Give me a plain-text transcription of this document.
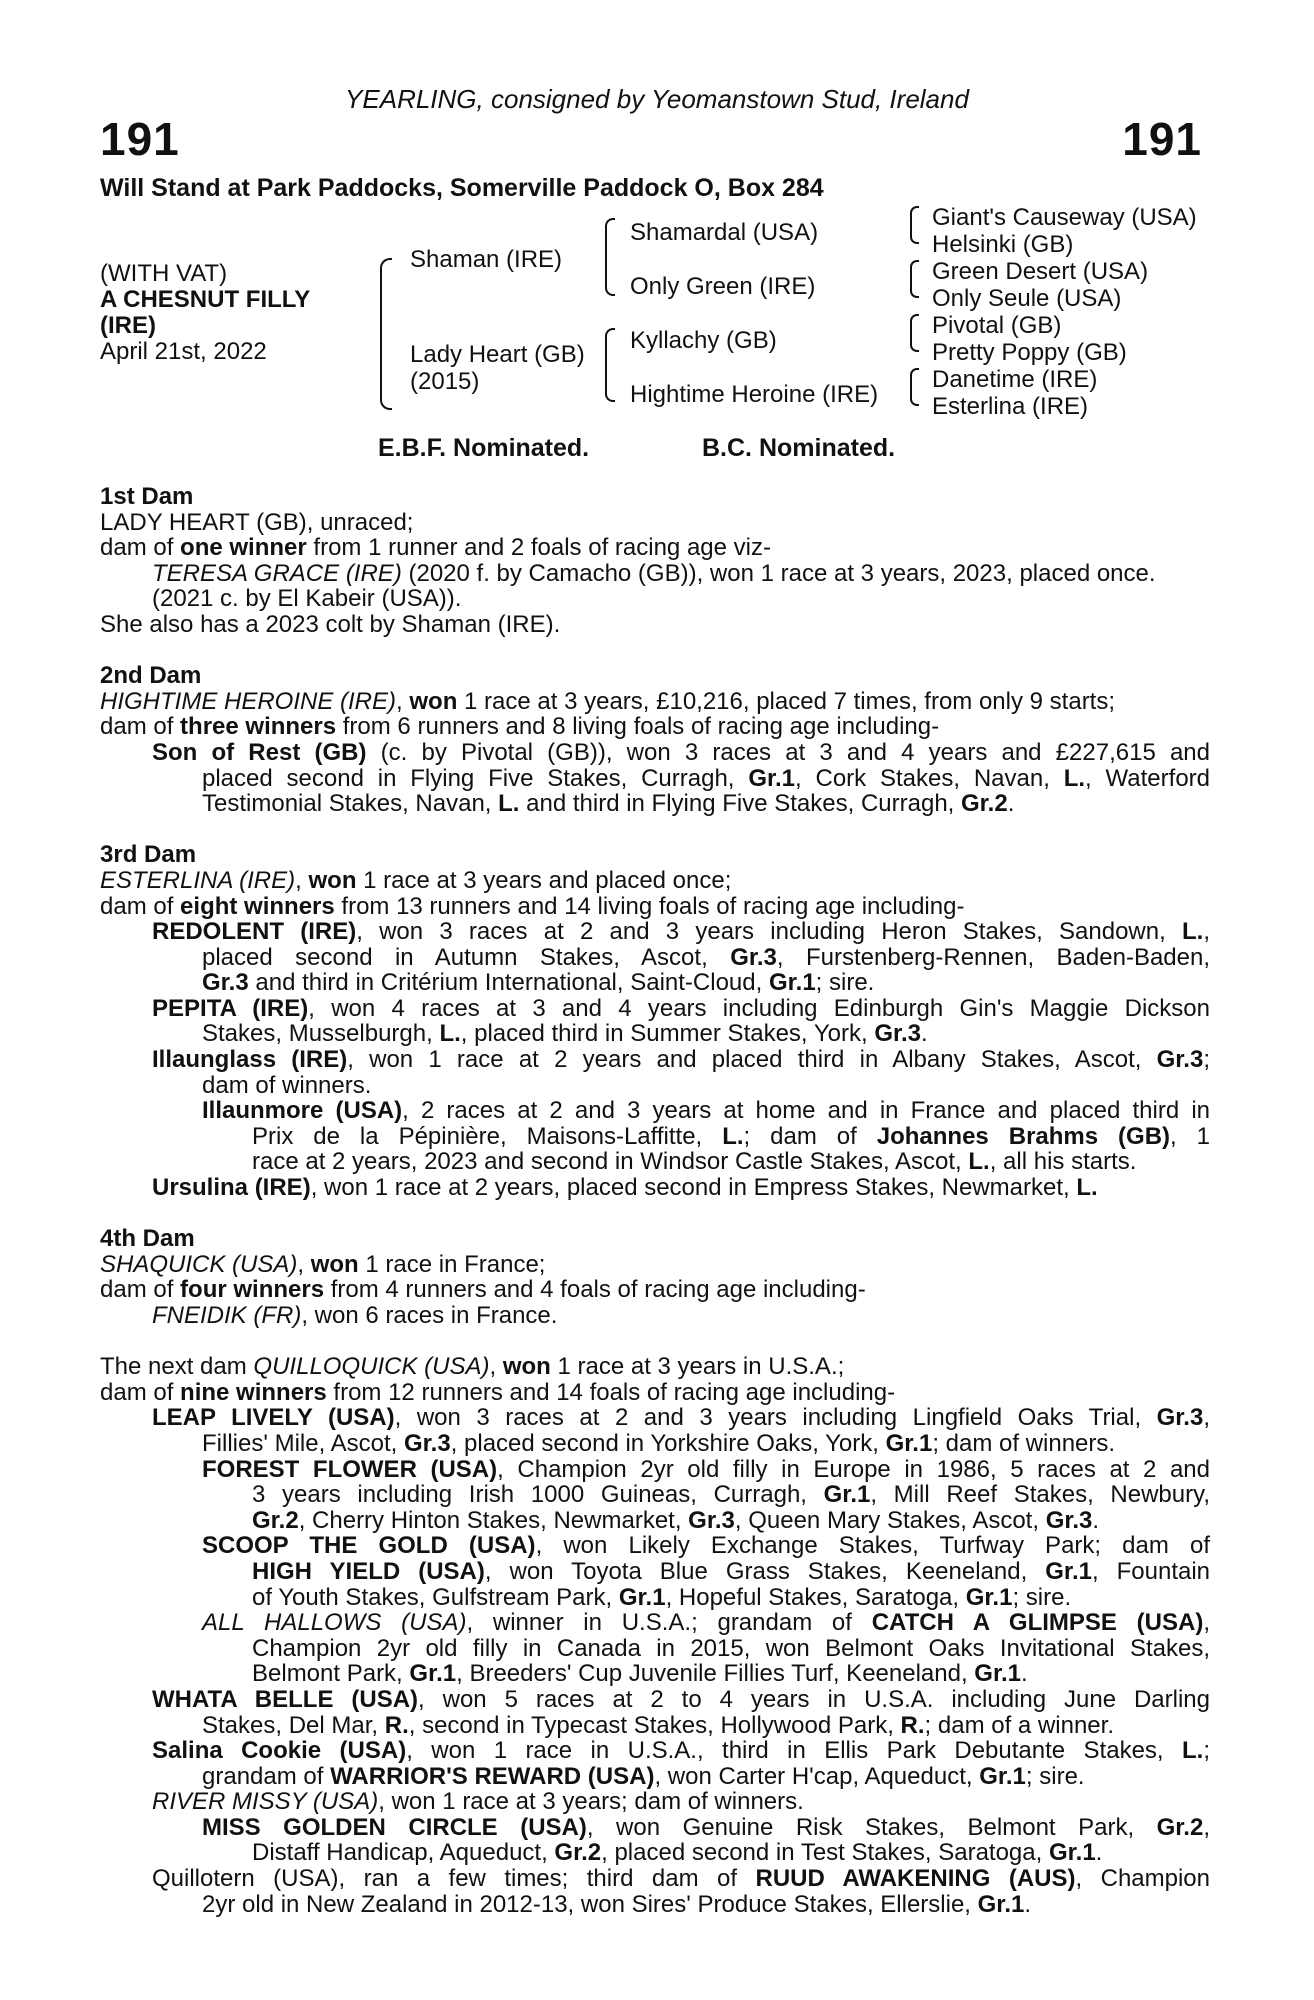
YEARLING, consigned by Yeomanstown Stud, Ireland
191	191
Will Stand at Park Paddocks, Somerville Paddock O, Box 284
(WITH VAT)
A CHESNUT FILLY
(IRE)
April 21st, 2022
Shaman (IRE)
Lady Heart (GB)
(2015)
Shamardal (USA)
Only Green (IRE)
Kyllachy (GB)
Hightime Heroine (IRE)
Giant's Causeway (USA)
Helsinki (GB)
Green Desert (USA)
Only Seule (USA)
Pivotal (GB)
Pretty Poppy (GB)
Danetime (IRE)
Esterlina (IRE)
E.B.F. Nominated.	B.C. Nominated.

1st Dam

LADY HEART (GB), unraced;

dam of one winner from 1 runner and 2 foals of racing age viz-

TERESA GRACE (IRE) (2020 f. by Camacho (GB)), won 1 race at 3 years, 2023, placed once.

(2021 c. by El Kabeir (USA)).

She also has a 2023 colt by Shaman (IRE).

2nd Dam

HIGHTIME HEROINE (IRE), won 1 race at 3 years, £10,216, placed 7 times, from only 9 starts;

dam of three winners from 6 runners and 8 living foals of racing age including-

Son of Rest (GB) (c. by Pivotal (GB)), won 3 races at 3 and 4 years and £227,615 and

placed second in Flying Five Stakes, Curragh, Gr.1, Cork Stakes, Navan, L., Waterford

Testimonial Stakes, Navan, L. and third in Flying Five Stakes, Curragh, Gr.2.

3rd Dam

ESTERLINA (IRE), won 1 race at 3 years and placed once;

dam of eight winners from 13 runners and 14 living foals of racing age including-

REDOLENT (IRE), won 3 races at 2 and 3 years including Heron Stakes, Sandown, L.,

placed second in Autumn Stakes, Ascot, Gr.3, Furstenberg-Rennen, Baden-Baden,

Gr.3 and third in Critérium International, Saint-Cloud, Gr.1; sire.

PEPITA (IRE), won 4 races at 3 and 4 years including Edinburgh Gin's Maggie Dickson

Stakes, Musselburgh, L., placed third in Summer Stakes, York, Gr.3.

Illaunglass (IRE), won 1 race at 2 years and placed third in Albany Stakes, Ascot, Gr.3;

dam of winners.

Illaunmore (USA), 2 races at 2 and 3 years at home and in France and placed third in

Prix de la Pépinière, Maisons-Laffitte, L.; dam of Johannes Brahms (GB), 1

race at 2 years, 2023 and second in Windsor Castle Stakes, Ascot, L., all his starts.

Ursulina (IRE), won 1 race at 2 years, placed second in Empress Stakes, Newmarket, L.

4th Dam

SHAQUICK (USA), won 1 race in France;

dam of four winners from 4 runners and 4 foals of racing age including-

FNEIDIK (FR), won 6 races in France.

The next dam QUILLOQUICK (USA), won 1 race at 3 years in U.S.A.;

dam of nine winners from 12 runners and 14 foals of racing age including-

LEAP LIVELY (USA), won 3 races at 2 and 3 years including Lingfield Oaks Trial, Gr.3,

Fillies' Mile, Ascot, Gr.3, placed second in Yorkshire Oaks, York, Gr.1; dam of winners.

FOREST FLOWER (USA), Champion 2yr old filly in Europe in 1986, 5 races at 2 and

3 years including Irish 1000 Guineas, Curragh, Gr.1, Mill Reef Stakes, Newbury,

Gr.2, Cherry Hinton Stakes, Newmarket, Gr.3, Queen Mary Stakes, Ascot, Gr.3.

SCOOP THE GOLD (USA), won Likely Exchange Stakes, Turfway Park; dam of

HIGH YIELD (USA), won Toyota Blue Grass Stakes, Keeneland, Gr.1, Fountain

of Youth Stakes, Gulfstream Park, Gr.1, Hopeful Stakes, Saratoga, Gr.1; sire.

ALL HALLOWS (USA), winner in U.S.A.; grandam of CATCH A GLIMPSE (USA),

Champion 2yr old filly in Canada in 2015, won Belmont Oaks Invitational Stakes,

Belmont Park, Gr.1, Breeders' Cup Juvenile Fillies Turf, Keeneland, Gr.1.

WHATA BELLE (USA), won 5 races at 2 to 4 years in U.S.A. including June Darling

Stakes, Del Mar, R., second in Typecast Stakes, Hollywood Park, R.; dam of a winner.

Salina Cookie (USA), won 1 race in U.S.A., third in Ellis Park Debutante Stakes, L.;

grandam of WARRIOR'S REWARD (USA), won Carter H'cap, Aqueduct, Gr.1; sire.

RIVER MISSY (USA), won 1 race at 3 years; dam of winners.

MISS GOLDEN CIRCLE (USA), won Genuine Risk Stakes, Belmont Park, Gr.2,

Distaff Handicap, Aqueduct, Gr.2, placed second in Test Stakes, Saratoga, Gr.1.

Quillotern (USA), ran a few times; third dam of RUUD AWAKENING (AUS), Champion

2yr old in New Zealand in 2012-13, won Sires' Produce Stakes, Ellerslie, Gr.1.
